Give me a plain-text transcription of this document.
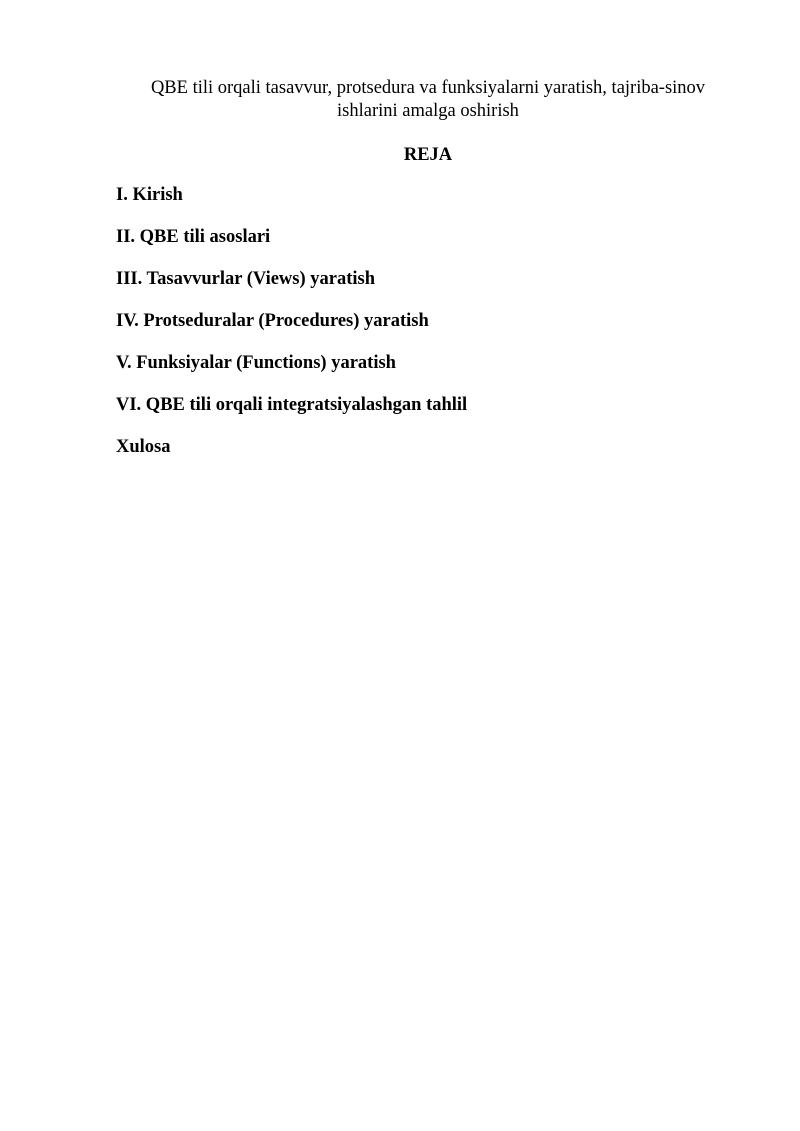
QBE tili orqali tasavvur, protsedura va funksiyalarni yaratish, tajriba-sinov
ishlarini amalga oshirish
REJA
I. Kirish
II. QBE tili asoslari
III. Tasavvurlar (Views) yaratish
IV. Protseduralar (Procedures) yaratish
V. Funksiyalar (Functions) yaratish
VI. QBE tili orqali integratsiyalashgan tahlil
Xulosa
